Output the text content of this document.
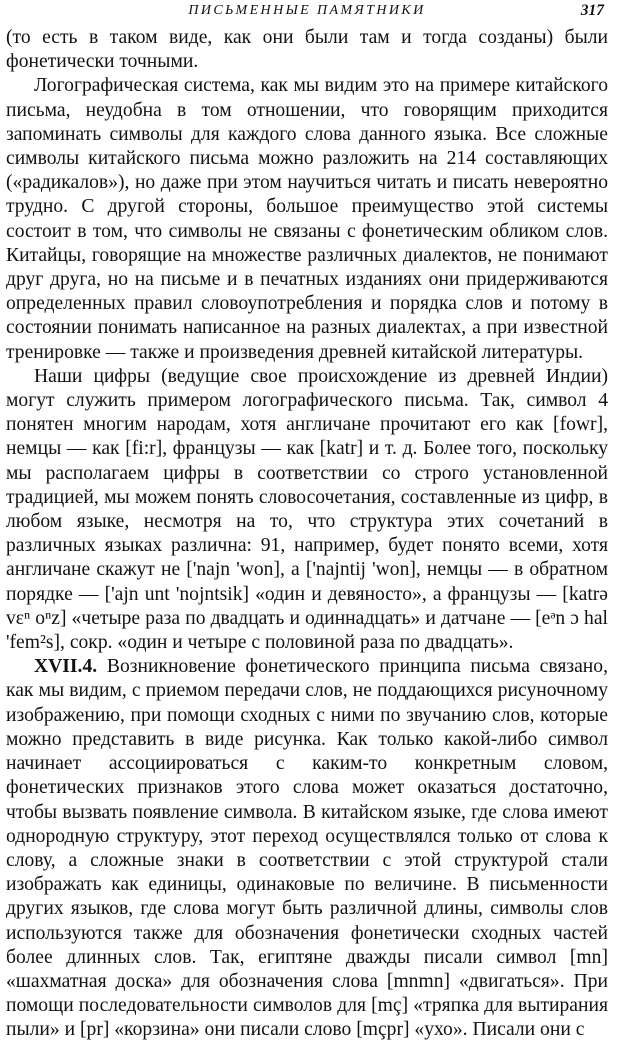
ПИСЬМЕННЫЕ ПАМЯТНИКИ	317

(то есть в таком виде, как они были там и тогда созданы) были фонетически точными.

Логографическая система, как мы видим это на примере китайского письма, неудобна в том отношении, что говорящим приходится запоминать символы для каждого слова данного языка. Все сложные символы китайского письма можно разложить на 214 составляющих («радикалов»), но даже при этом научиться читать и писать невероятно трудно. С другой стороны, большое преимущество этой системы состоит в том, что символы не связаны с фонетическим обликом слов. Китайцы, говорящие на множестве различных диалектов, не понимают друг друга, но на письме и в печатных изданиях они придерживаются определенных правил словоупотребления и порядка слов и потому в состоянии понимать написанное на разных диалектах, а при известной тренировке — также и произведения древней китайской литературы.

Наши цифры (ведущие свое происхождение из древней Индии) могут служить примером логографического письма. Так, символ 4 понятен многим народам, хотя англичане прочитают его как [fowr], немцы — как [fi:r], французы — как [katr] и т. д. Более того, поскольку мы располагаем цифры в соответствии со строго установленной традицией, мы можем понять словосочетания, составленные из цифр, в любом языке, несмотря на то, что структура этих сочетаний в различных языках различна: 91, например, будет понято всеми, хотя англичане скажут не ['najn 'won], а ['najntij 'won], немцы — в обратном порядке — ['ajn unt 'nojntsik] «один и девяносто», а французы — [katrə vɛⁿ oⁿz] «четыре раза по двадцать и одиннадцать» и датчане — [eᵊn ɔ hal 'fem²s], сокр. «один и четыре с половиной раза по двадцать».

XVII.4. Возникновение фонетического принципа письма связано, как мы видим, с приемом передачи слов, не поддающихся рисуночному изображению, при помощи сходных с ними по звучанию слов, которые можно представить в виде рисунка. Как только какой-либо символ начинает ассоциироваться с каким-то конкретным словом, фонетических признаков этого слова может оказаться достаточно, чтобы вызвать появление символа. В китайском языке, где слова имеют однородную структуру, этот переход осуществлялся только от слова к слову, а сложные знаки в соответствии с этой структурой стали изображать как единицы, одинаковые по величине. В письменности других языков, где слова могут быть различной длины, символы слов используются также для обозначения фонетически сходных частей более длинных слов. Так, египтяне дважды писали символ [mn] «шахматная доска» для обозначения слова [mnmn] «двигаться». При помощи последовательности символов для [mç] «тряпка для вытирания пыли» и [pr] «корзина» они писали слово [mçpr] «ухо». Писали они с
